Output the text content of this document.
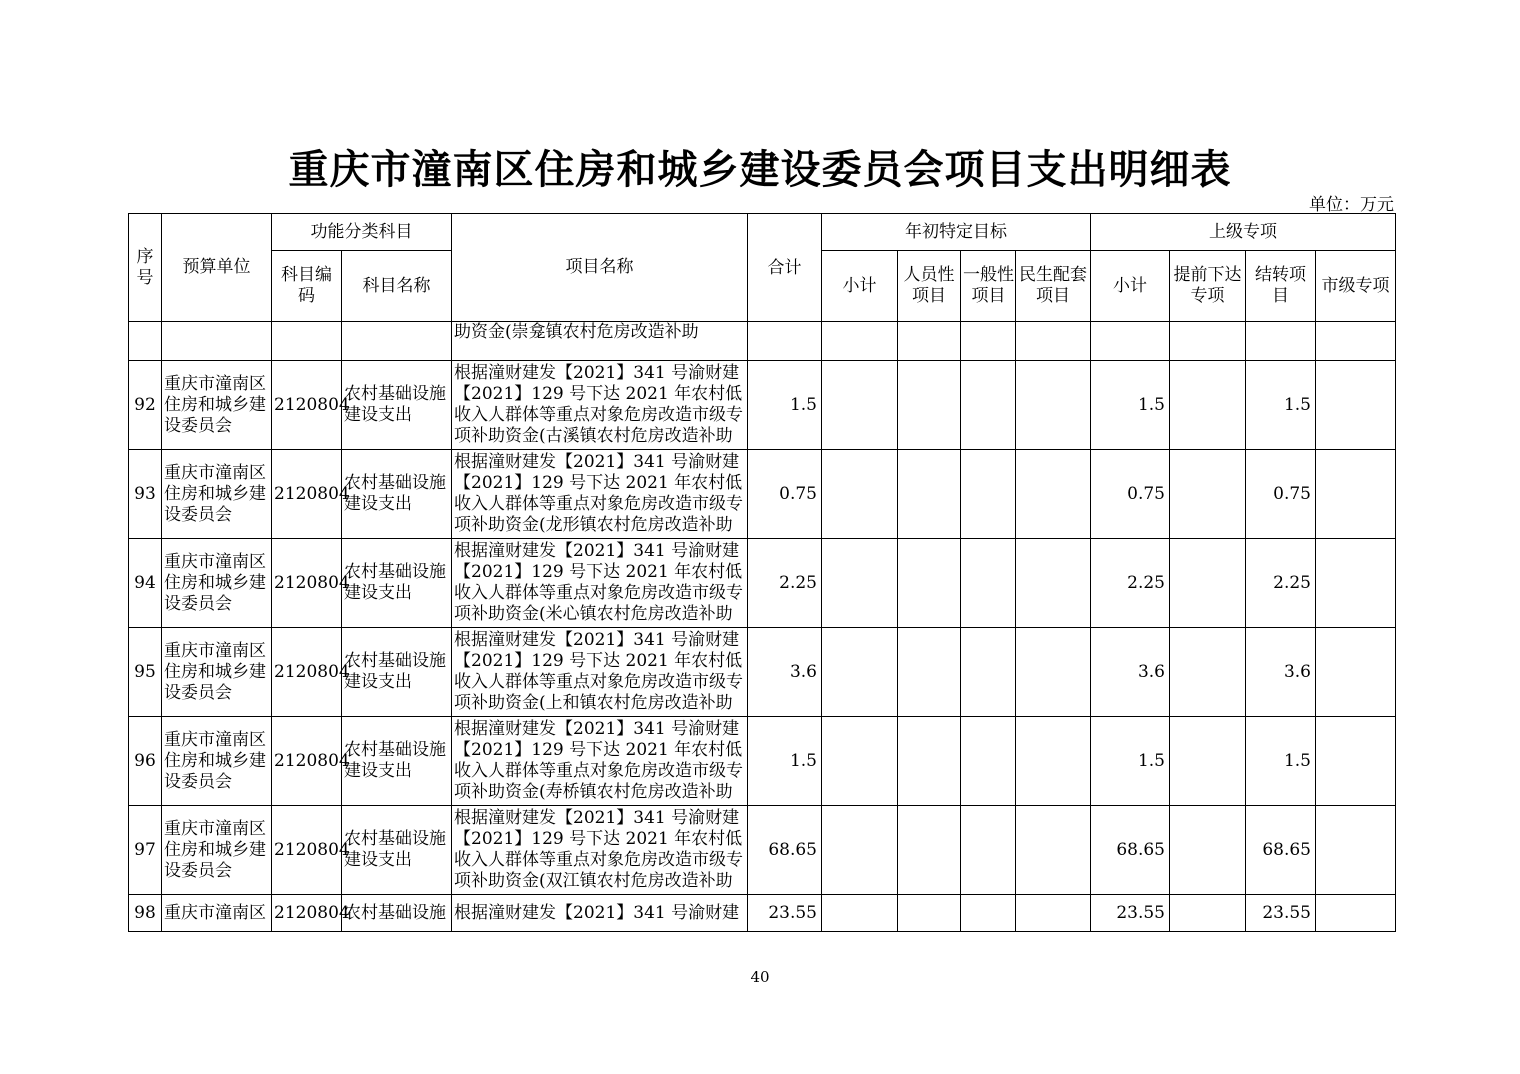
重庆市潼南区住房和城乡建设委员会项目支出明细表
单位：万元
序号	预算单位	功能分类科目		项目名称	合计	年初特定目标				上级专项			
		科目编码	科目名称			小计	人员性项目	一般性项目	民生配套项目	小计	提前下达专项	结转项目	市级专项
				助资金(崇龛镇农村危房改造补助									
92	重庆市潼南区住房和城乡建设委员会	2120804	农村基础设施建设支出	根据潼财建发【2021】341 号渝财建【2021】129 号下达 2021 年农村低收入人群体等重点对象危房改造市级专项补助资金(古溪镇农村危房改造补助	1.5					1.5		1.5	
93	重庆市潼南区住房和城乡建设委员会	2120804	农村基础设施建设支出	根据潼财建发【2021】341 号渝财建【2021】129 号下达 2021 年农村低收入人群体等重点对象危房改造市级专项补助资金(龙形镇农村危房改造补助	0.75					0.75		0.75	
94	重庆市潼南区住房和城乡建设委员会	2120804	农村基础设施建设支出	根据潼财建发【2021】341 号渝财建【2021】129 号下达 2021 年农村低收入人群体等重点对象危房改造市级专项补助资金(米心镇农村危房改造补助	2.25					2.25		2.25	
95	重庆市潼南区住房和城乡建设委员会	2120804	农村基础设施建设支出	根据潼财建发【2021】341 号渝财建【2021】129 号下达 2021 年农村低收入人群体等重点对象危房改造市级专项补助资金(上和镇农村危房改造补助	3.6					3.6		3.6	
96	重庆市潼南区住房和城乡建设委员会	2120804	农村基础设施建设支出	根据潼财建发【2021】341 号渝财建【2021】129 号下达 2021 年农村低收入人群体等重点对象危房改造市级专项补助资金(寿桥镇农村危房改造补助	1.5					1.5		1.5	
97	重庆市潼南区住房和城乡建设委员会	2120804	农村基础设施建设支出	根据潼财建发【2021】341 号渝财建【2021】129 号下达 2021 年农村低收入人群体等重点对象危房改造市级专项补助资金(双江镇农村危房改造补助	68.65					68.65		68.65	
98	重庆市潼南区	2120804	农村基础设施	根据潼财建发【2021】341 号渝财建	23.55					23.55		23.55	
40
